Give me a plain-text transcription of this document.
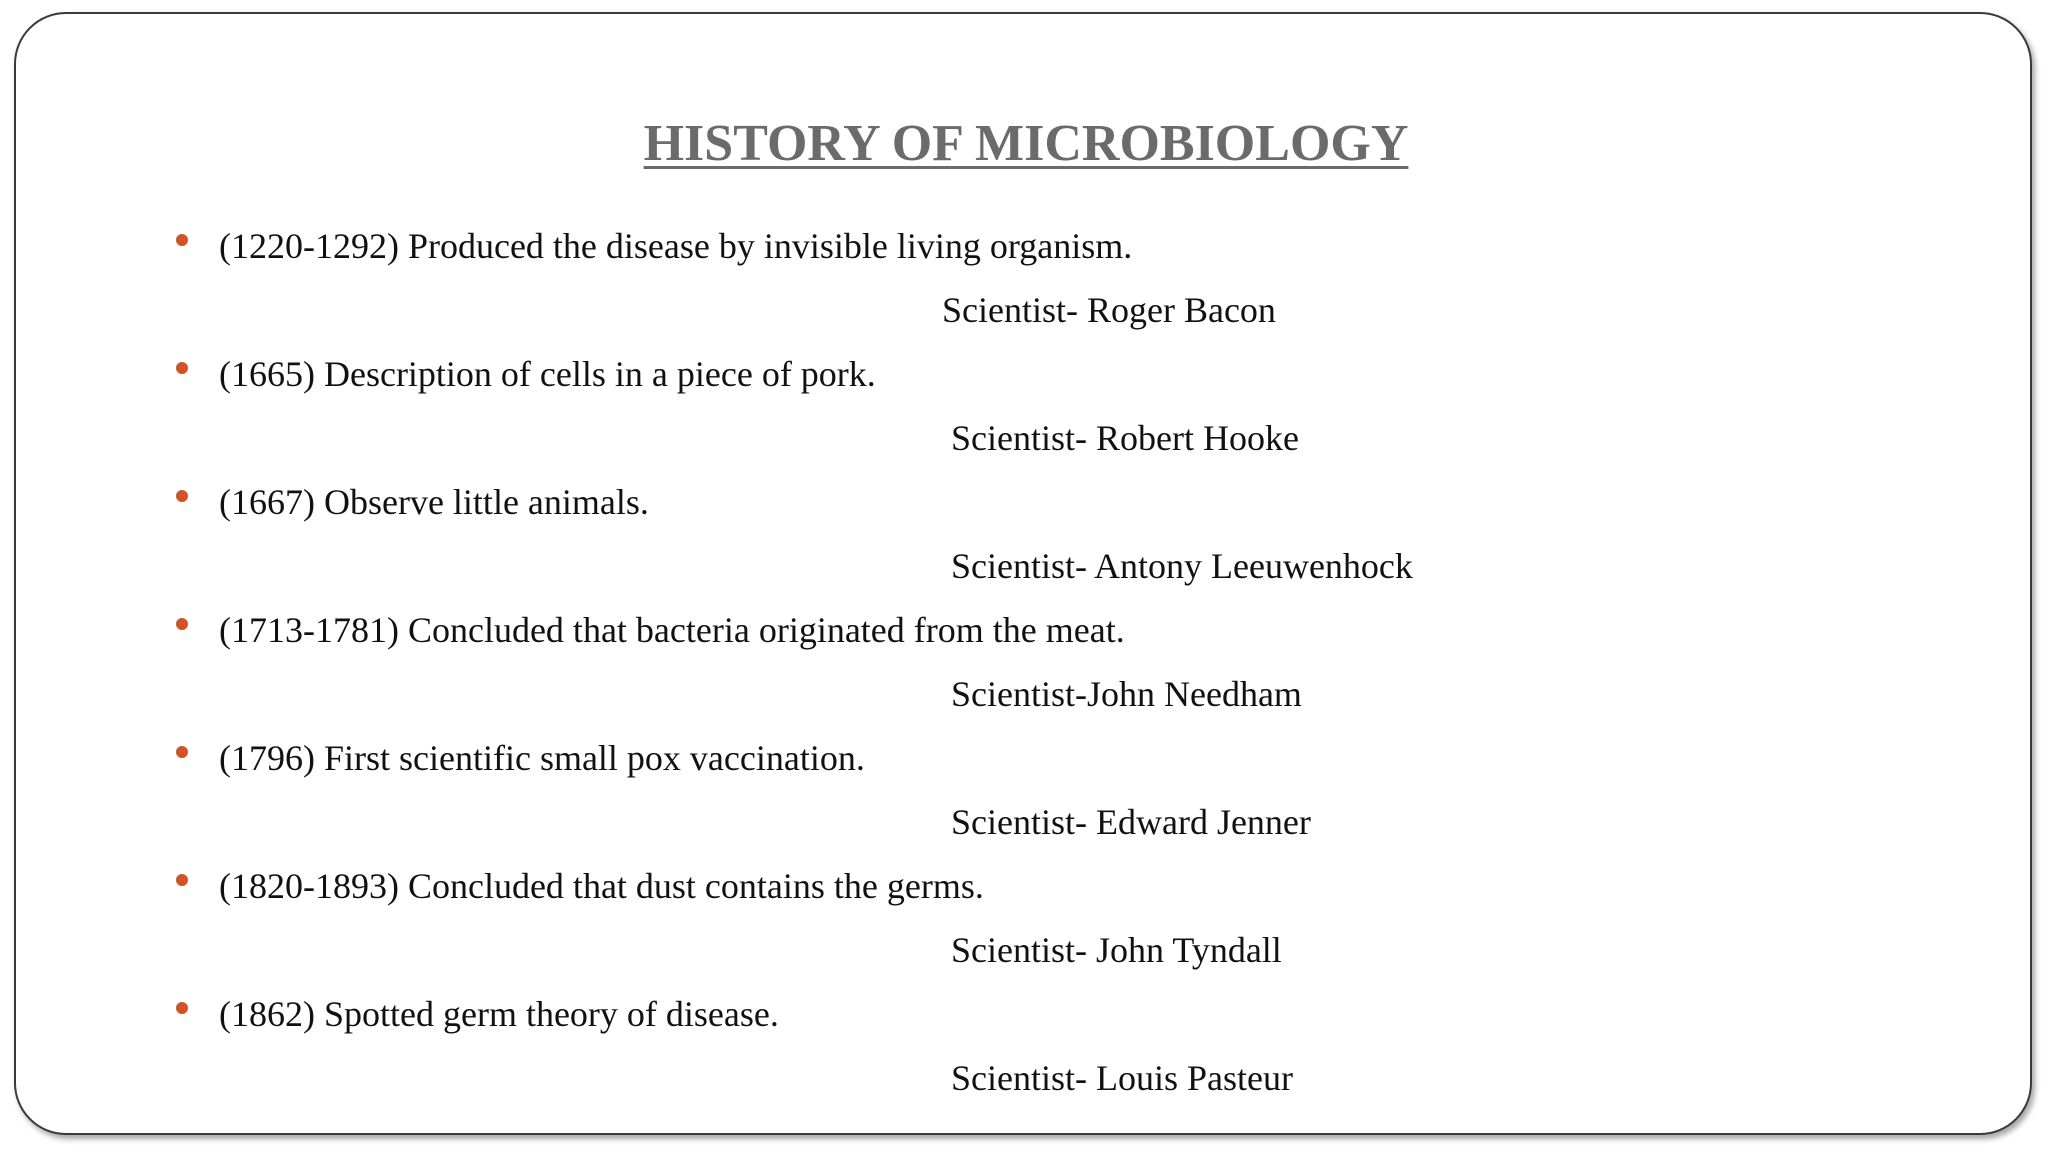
HISTORY OF MICROBIOLOGY
(1220-1292) Produced the disease by invisible living organism.
Scientist- Roger Bacon
(1665) Description of cells in a piece of pork.
Scientist- Robert Hooke
(1667) Observe little animals.
Scientist- Antony Leeuwenhock
(1713-1781) Concluded that bacteria originated from the meat.
Scientist-John Needham
(1796) First scientific small pox vaccination.
Scientist- Edward Jenner
(1820-1893) Concluded that dust contains the germs.
Scientist- John Tyndall
(1862) Spotted germ theory of disease.
Scientist- Louis Pasteur
